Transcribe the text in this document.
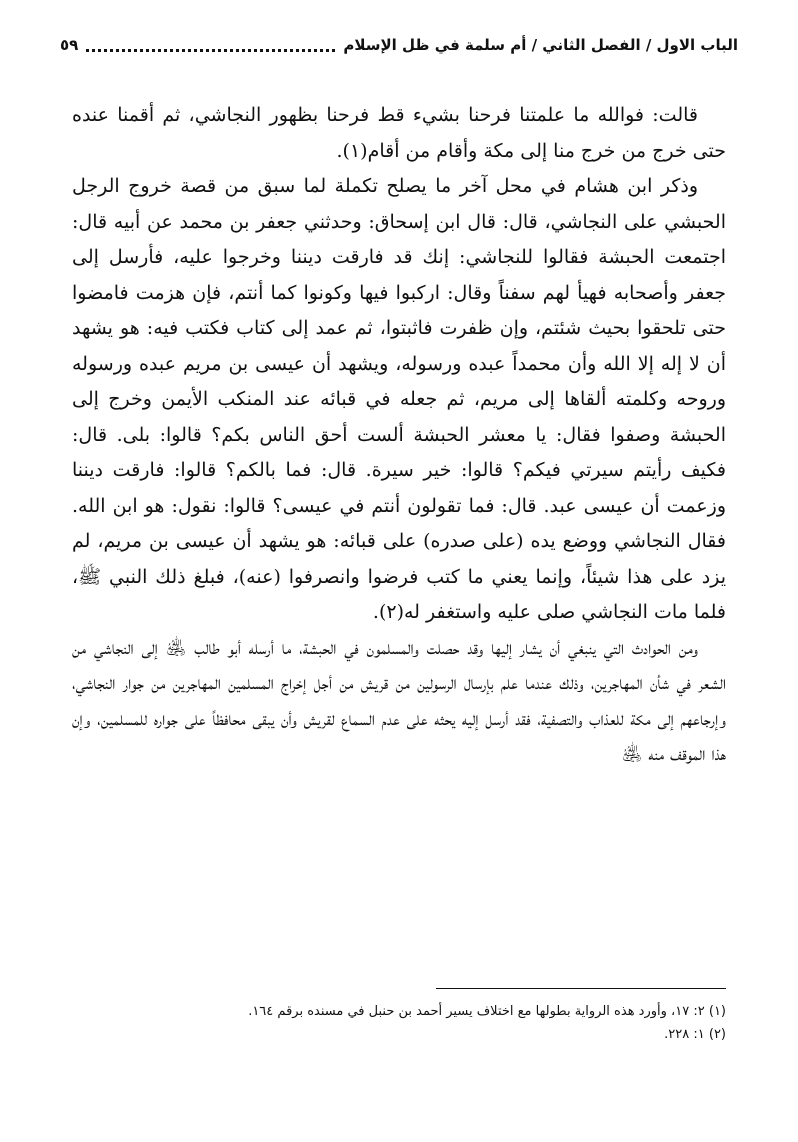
الباب الاول / الفصل الثاني / أم سلمة في ظل الإسلام
٥٩

قالت: فوالله ما علمتنا فرحنا بشيء قط فرحنا بظهور النجاشي، ثم أقمنا عنده حتى خرج من خرج منا إلى مكة وأقام من أقام(١).

وذكر ابن هشام في محل آخر ما يصلح تكملة لما سبق من قصة خروج الرجل الحبشي على النجاشي، قال: قال ابن إسحاق: وحدثني جعفر بن محمد عن أبيه قال: اجتمعت الحبشة فقالوا للنجاشي: إنك قد فارقت ديننا وخرجوا عليه، فأرسل إلى جعفر وأصحابه فهيأ لهم سفناً وقال: اركبوا فيها وكونوا كما أنتم، فإن هزمت فامضوا حتى تلحقوا بحيث شئتم، وإن ظفرت فاثبتوا، ثم عمد إلى كتاب فكتب فيه: هو يشهد أن لا إله إلا الله وأن محمداً عبده ورسوله، ويشهد أن عيسى بن مريم عبده ورسوله وروحه وكلمته ألقاها إلى مريم، ثم جعله في قبائه عند المنكب الأيمن وخرج إلى الحبشة وصفوا فقال: يا معشر الحبشة ألست أحق الناس بكم؟ قالوا: بلى. قال: فكيف رأيتم سيرتي فيكم؟ قالوا: خير سيرة. قال: فما بالكم؟ قالوا: فارقت ديننا وزعمت أن عيسى عبد. قال: فما تقولون أنتم في عيسى؟ قالوا: نقول: هو ابن الله. فقال النجاشي ووضع يده (على صدره) على قبائه: هو يشهد أن عيسى بن مريم، لم يزد على هذا شيئاً، وإنما يعني ما كتب فرضوا وانصرفوا (عنه)، فبلغ ذلك النبي ﷺ، فلما مات النجاشي صلى عليه واستغفر له(٢).

ومن الحوادث التي ينبغي أن يشار إليها وقد حصلت والمسلمون في الحبشة، ما أرسله أبو طالب ﵁ إلى النجاشي من الشعر في شأن المهاجرين، وذلك عندما علم بإرسال الرسولين من قريش من أجل إخراج المسلمين المهاجرين من جوار النجاشي، وإرجاعهم إلى مكة للعذاب والتصفية، فقد أرسل إليه يحثه على عدم السماع لقريش وأن يبقى محافظاً على جواره للمسلمين، وإن هذا الموقف منه ﵁

(١) ٢: ١٧، وأورد هذه الرواية بطولها مع اختلاف يسير أحمد بن حنبل في مسنده برقم ١٦٤.
(٢) ١: ٢٢٨.
